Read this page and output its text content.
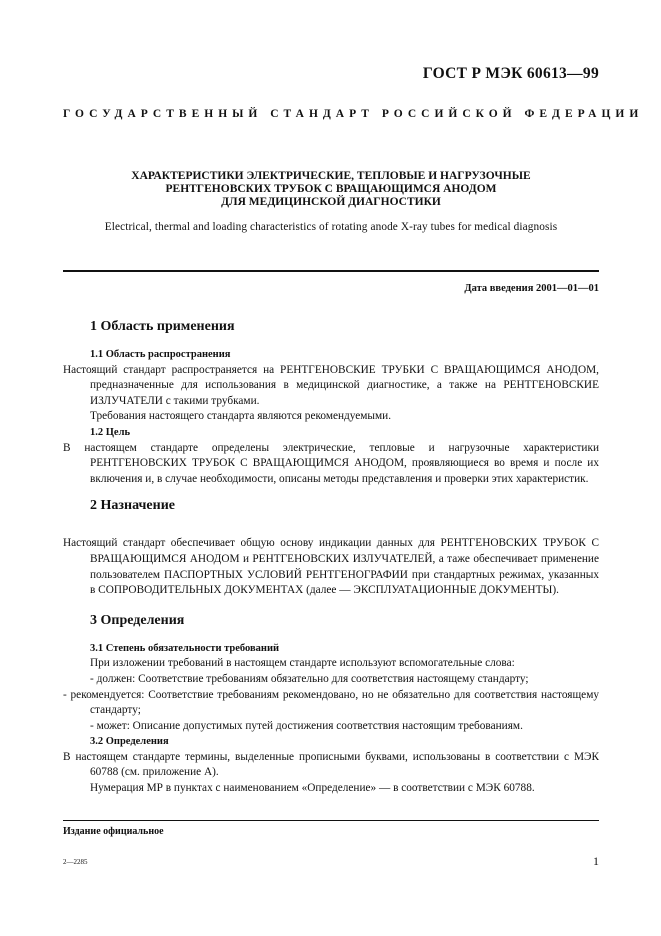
ГОСТ Р МЭК 60613—99
ГОСУДАРСТВЕННЫЙ СТАНДАРТ РОССИЙСКОЙ ФЕДЕРАЦИИ
ХАРАКТЕРИСТИКИ ЭЛЕКТРИЧЕСКИЕ, ТЕПЛОВЫЕ И НАГРУЗОЧНЫЕ
РЕНТГЕНОВСКИХ ТРУБОК С ВРАЩАЮЩИМСЯ АНОДОМ
ДЛЯ МЕДИЦИНСКОЙ ДИАГНОСТИКИ
Electrical, thermal and loading characteristics of rotating anode X-ray tubes for medical diagnosis
Дата введения 2001—01—01
1 Область применения
1.1 Область распространения

Настоящий стандарт распространяется на РЕНТГЕНОВСКИЕ ТРУБКИ С ВРАЩАЮЩИМСЯ АНОДОМ, предназначенные для использования в медицинской диагностике, а также на РЕНТГЕНОВСКИЕ ИЗЛУЧАТЕЛИ с такими трубками.

Требования настоящего стандарта являются рекомендуемыми.

1.2 Цель

В настоящем стандарте определены электрические, тепловые и нагрузочные характеристики РЕНТГЕНОВСКИХ ТРУБОК С ВРАЩАЮЩИМСЯ АНОДОМ, проявляющиеся во время и после их включения и, в случае необходимости, описаны методы представления и проверки этих характеристик.

2 Назначение

Настоящий стандарт обеспечивает общую основу индикации данных для РЕНТГЕНОВСКИХ ТРУБОК С ВРАЩАЮЩИМСЯ АНОДОМ и РЕНТГЕНОВСКИХ ИЗЛУЧАТЕЛЕЙ, а таже обеспечивает применение пользователем ПАСПОРТНЫХ УСЛОВИЙ РЕНТГЕНОГРАФИИ при стандартных режимах, указанных в СОПРОВОДИТЕЛЬНЫХ ДОКУМЕНТАХ (далее — ЭКСПЛУАТАЦИОННЫЕ ДОКУМЕНТЫ).

3 Определения
3.1 Степень обязательности требований

При изложении требований в настоящем стандарте используют вспомогательные слова:

- должен: Соответствие требованиям обязательно для соответствия настоящему стандарту;

- рекомендуется: Соответствие требованиям рекомендовано, но не обязательно для соответствия настоящему стандарту;

- может: Описание допустимых путей достижения соответствия настоящим требованиям.

3.2 Определения

В настоящем стандарте термины, выделенные прописными буквами, использованы в соответствии с МЭК 60788 (см. приложение А).

Нумерация МР в пунктах с наименованием «Определение» — в соответствии с МЭК 60788.

Издание официальное
2—2285	1
